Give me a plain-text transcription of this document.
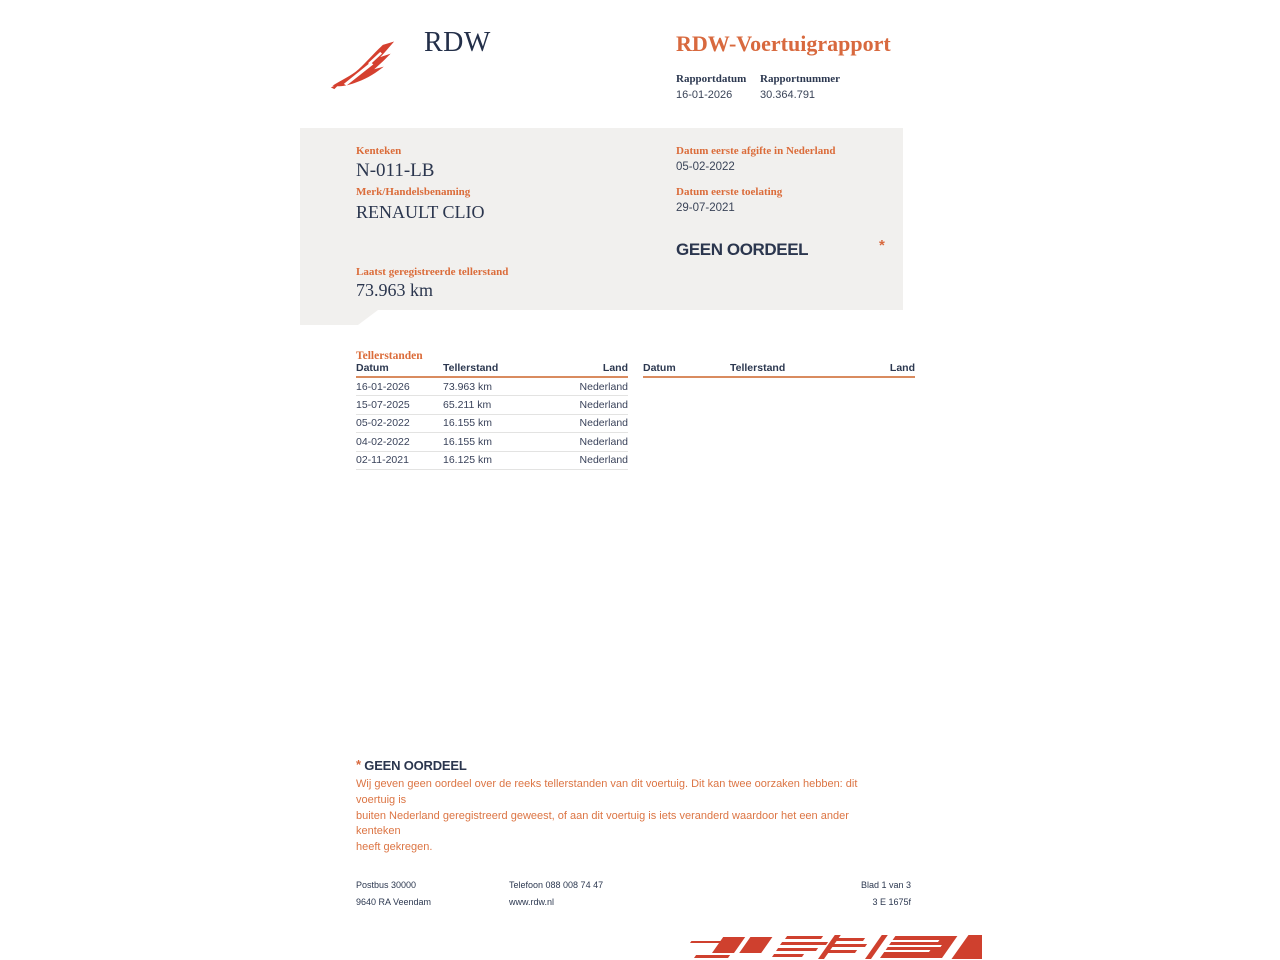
RDW	RDW-Voertuigrapport
Rapportdatum Rapportnummer
16-01-2026	30.364.791
Kenteken
N-011-LB
Merk/Handelsbenaming
RENAULT CLIO
Laatst geregistreerde tellerstand
73.963 km
Datum eerste afgifte in Nederland
05-02-2022
Datum eerste toelating
29-07-2021
GEEN OORDEEL	*
Tellerstanden
Datum	Tellerstand	Land
16-01-2026	73.963 km	Nederland
15-07-2025	65.211 km	Nederland
05-02-2022	16.155 km	Nederland
04-02-2022	16.155 km	Nederland
02-11-2021	16.125 km	Nederland
Datum	Tellerstand	Land
* GEEN OORDEEL
Wij geven geen oordeel over de reeks tellerstanden van dit voertuig. Dit kan twee oorzaken hebben: dit voertuig is
buiten Nederland geregistreerd geweest, of aan dit voertuig is iets veranderd waardoor het een ander kenteken
heeft gekregen.
Postbus 30000
9640 RA Veendam
Telefoon 088 008 74 47
www.rdw.nl
Blad 1 van 3
3 E 1675f
